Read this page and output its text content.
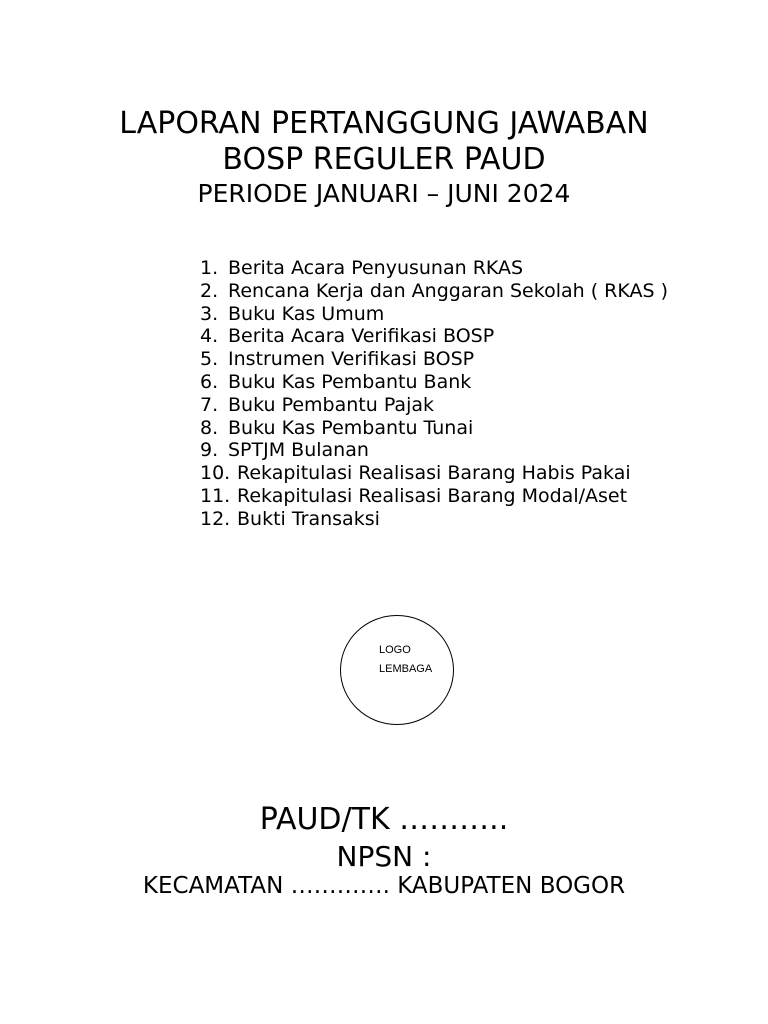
LAPORAN PERTANGGUNG JAWABAN
BOSP REGULER PAUD
PERIODE JANUARI – JUNI 2024
1. Berita Acara Penyusunan RKAS
2. Rencana Kerja dan Anggaran Sekolah ( RKAS )
3. Buku Kas Umum
4. Berita Acara Verifikasi BOSP
5. Instrumen Verifikasi BOSP
6. Buku Kas Pembantu Bank
7. Buku Pembantu Pajak
8. Buku Kas Pembantu Tunai
9. SPTJM Bulanan
10. Rekapitulasi Realisasi Barang Habis Pakai
11. Rekapitulasi Realisasi Barang Modal/Aset
12. Bukti Transaksi
LOGO
LEMBAGA
PAUD/TK ………..
NPSN :
KECAMATAN …………. KABUPATEN BOGOR
